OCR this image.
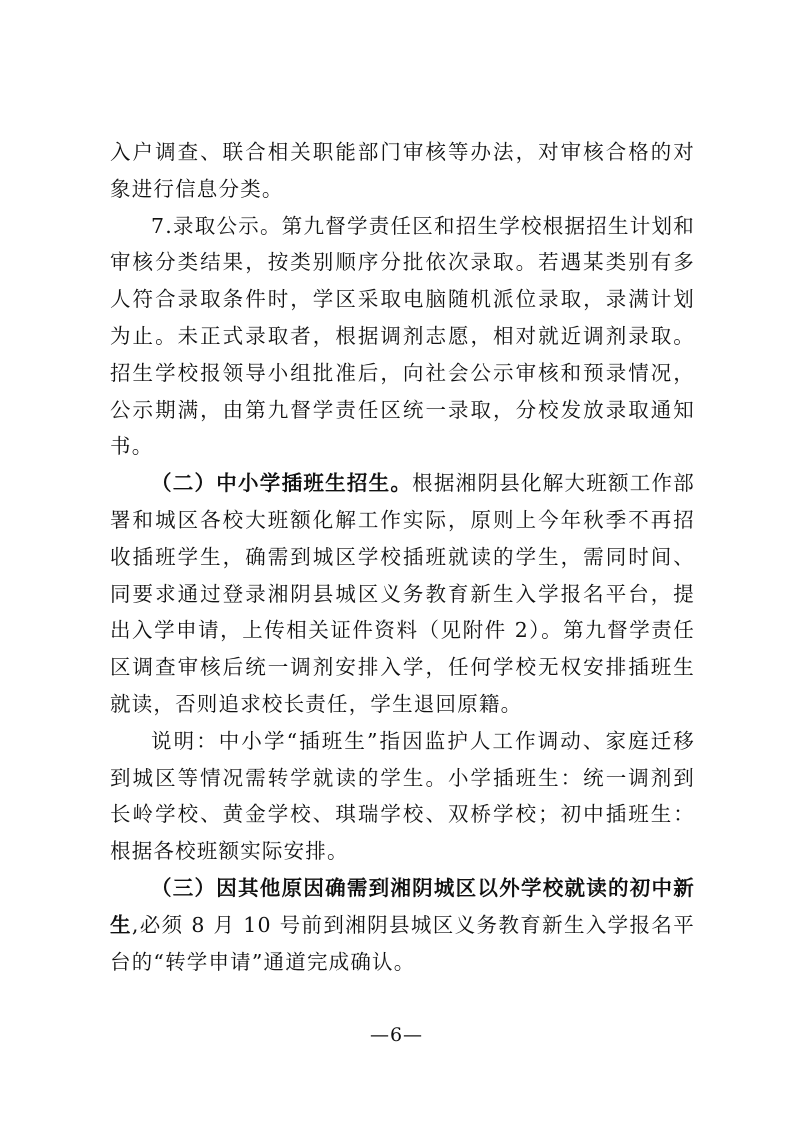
入户调查、联合相关职能部门审核等办法，对审核合格的对象进行信息分类。

7.录取公示。第九督学责任区和招生学校根据招生计划和审核分类结果，按类别顺序分批依次录取。若遇某类别有多人符合录取条件时，学区采取电脑随机派位录取，录满计划为止。未正式录取者，根据调剂志愿，相对就近调剂录取。招生学校报领导小组批准后，向社会公示审核和预录情况，公示期满，由第九督学责任区统一录取，分校发放录取通知书。

（二）中小学插班生招生。根据湘阴县化解大班额工作部署和城区各校大班额化解工作实际，原则上今年秋季不再招收插班学生，确需到城区学校插班就读的学生，需同时间、同要求通过登录湘阴县城区义务教育新生入学报名平台，提出入学申请，上传相关证件资料（见附件 2）。第九督学责任区调查审核后统一调剂安排入学，任何学校无权安排插班生就读，否则追求校长责任，学生退回原籍。

说明：中小学“插班生”指因监护人工作调动、家庭迁移到城区等情况需转学就读的学生。小学插班生：统一调剂到长岭学校、黄金学校、琪瑞学校、双桥学校；初中插班生：根据各校班额实际安排。

（三）因其他原因确需到湘阴城区以外学校就读的初中新生,必须 8 月 10 号前到湘阴县城区义务教育新生入学报名平台的“转学申请”通道完成确认。

—6—
